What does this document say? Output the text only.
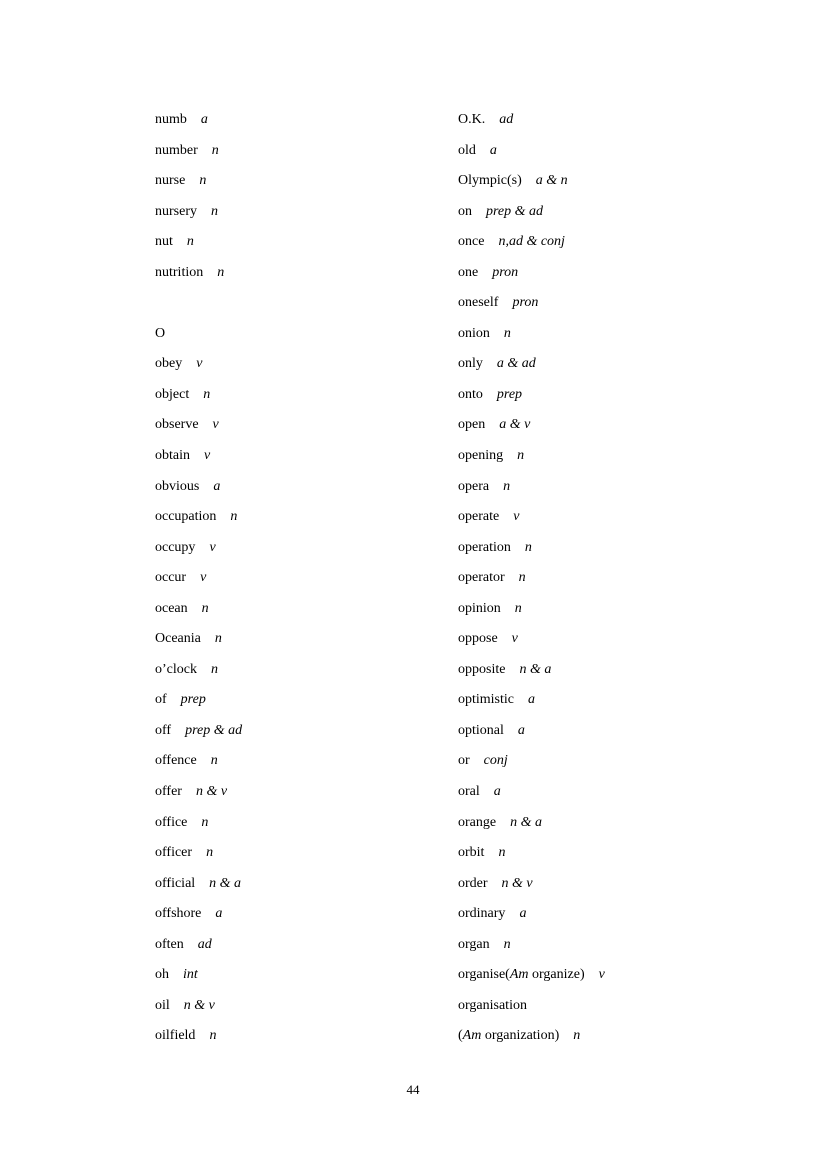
numb a
number n
nurse n
nursery n
nut n
nutrition n
O
obey v
object n
observe v
obtain v
obvious a
occupation n
occupy v
occur v
ocean n
Oceania n
o’clock n
of prep
off prep & ad
offence n
offer n & v
office n
officer n
official n & a
offshore a
often ad
oh int
oil n & v
oilfield n
O.K. ad
old a
Olympic(s) a & n
on prep & ad
once n,ad & conj
one pron
oneself pron
onion n
only a & ad
onto prep
open a & v
opening n
opera n
operate v
operation n
operator n
opinion n
oppose v
opposite n & a
optimistic a
optional a
or conj
oral a
orange n & a
orbit n
order n & v
ordinary a
organ n
organise(Am organize) v
organisation
(Am organization) n
44
